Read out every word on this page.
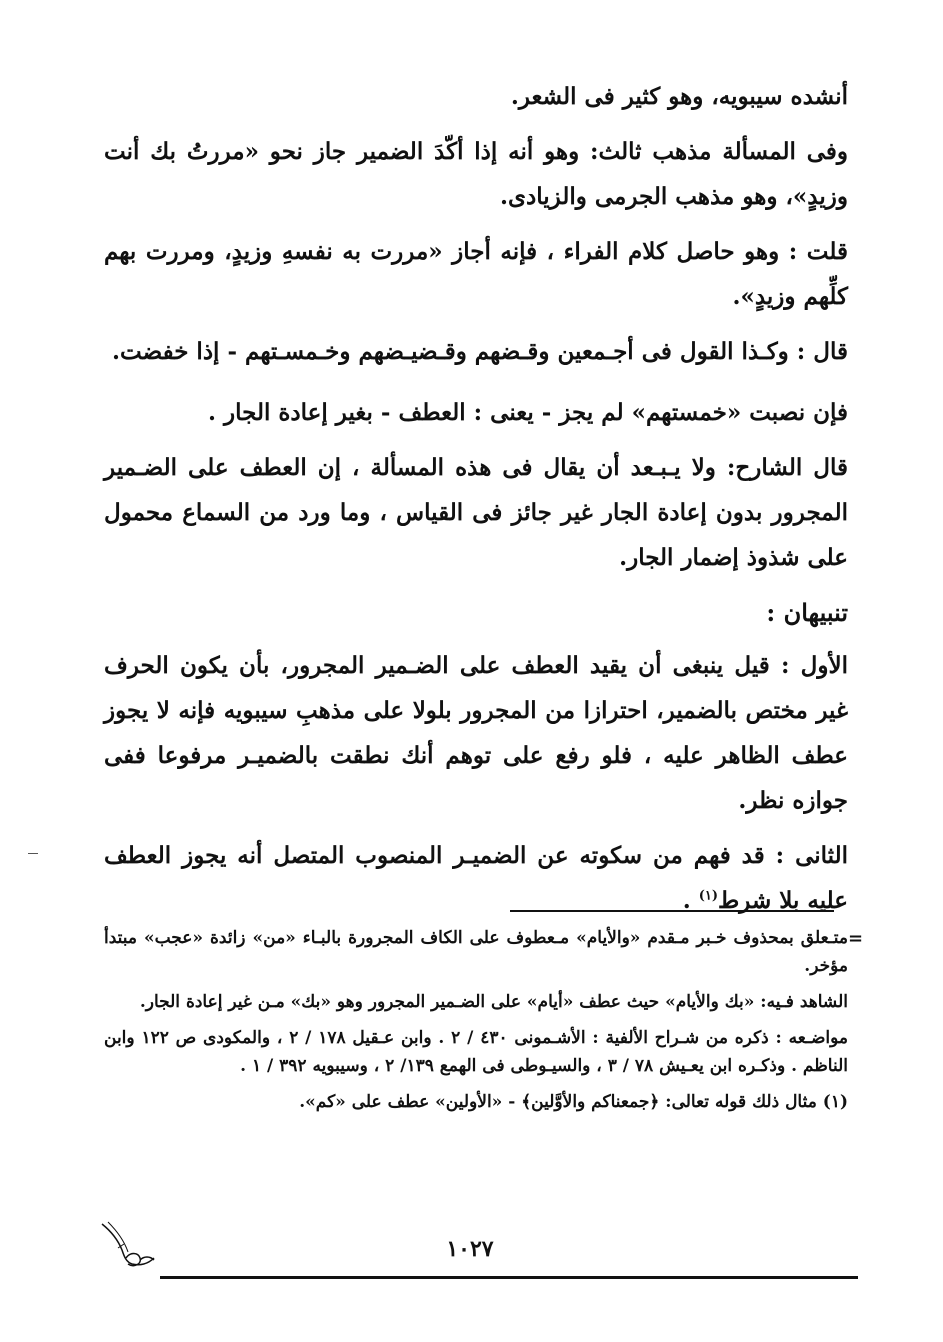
أنشده سيبويه، وهو كثير فى الشعر.

وفى المسألة مذهب ثالث: وهو أنه إذا أكّدَ الضمير جاز نحو «مررتُ بك أنت وزيدٍ»، وهو مذهب الجرمى والزيادى.

قلت : وهو حاصل كلام الفراء ، فإنه أجاز «مررت به نفسهِ وزيدٍ، ومررت بهم كلِّهم وزيدٍ».

قال : وكـذا القول فى أجـمعين وقـضهم وقـضيـضهم وخـمسـتهم - إذا خفضت.

فإن نصبت «خمستهم» لم يجز - يعنى : العطف - بغير إعادة الجار .

قال الشارح: ولا يـبـعد أن يقال فى هذه المسألة ، إن العطف على الضـمير المجرور بدون إعادة الجار غير جائز فى القياس ، وما ورد من السماع محمول على شذوذ إضمار الجار.

تنبيهان :

الأول : قيل ينبغى أن يقيد العطف على الضـمير المجرور، بأن يكون الحرف غير مختص بالضمير، احترازا من المجرور بلولا على مذهبِ سيبويه فإنه لا يجوز عطف الظاهر عليه ، فلو رفع على توهم أنك نطقت بالضميـر مرفوعا ففى جوازه نظر.

الثانى : قد فهم من سكوته عن الضميـر المنصوب المتصل أنه يجوز العطف عليه بلا شرط$^{(١)}$ .

=

متـعلق بمحذوف خـبر مـقدم «والأيام» مـعطوف على الكاف المجرورة بالبـاء «من» زائدة «عجب» مبتدأ مؤخر.

الشاهد فـيه: «بك والأيام» حيث عطف «أيام» على الضـمير المجرور وهو «بك» مـن غير إعادة الجار.

مواضـعه : ذكره من شـراح الألفية : الأشـمونى ٤٣٠ / ٢ . وابن عـقيل ١٧٨ / ٢ ، والمكودى ص ١٢٢ وابن الناظم . وذكـره ابن يعـيش ٧٨ / ٣ ، والسيـوطى فى الهمع ١٣٩/ ٢ ، وسيبويه ٣٩٢ / ١ .

(١) مثال ذلك قوله تعالى: ﴿جمعناكم والأوَّلين﴾ - «الأولين» عطف على «كم».

١٠٢٧
